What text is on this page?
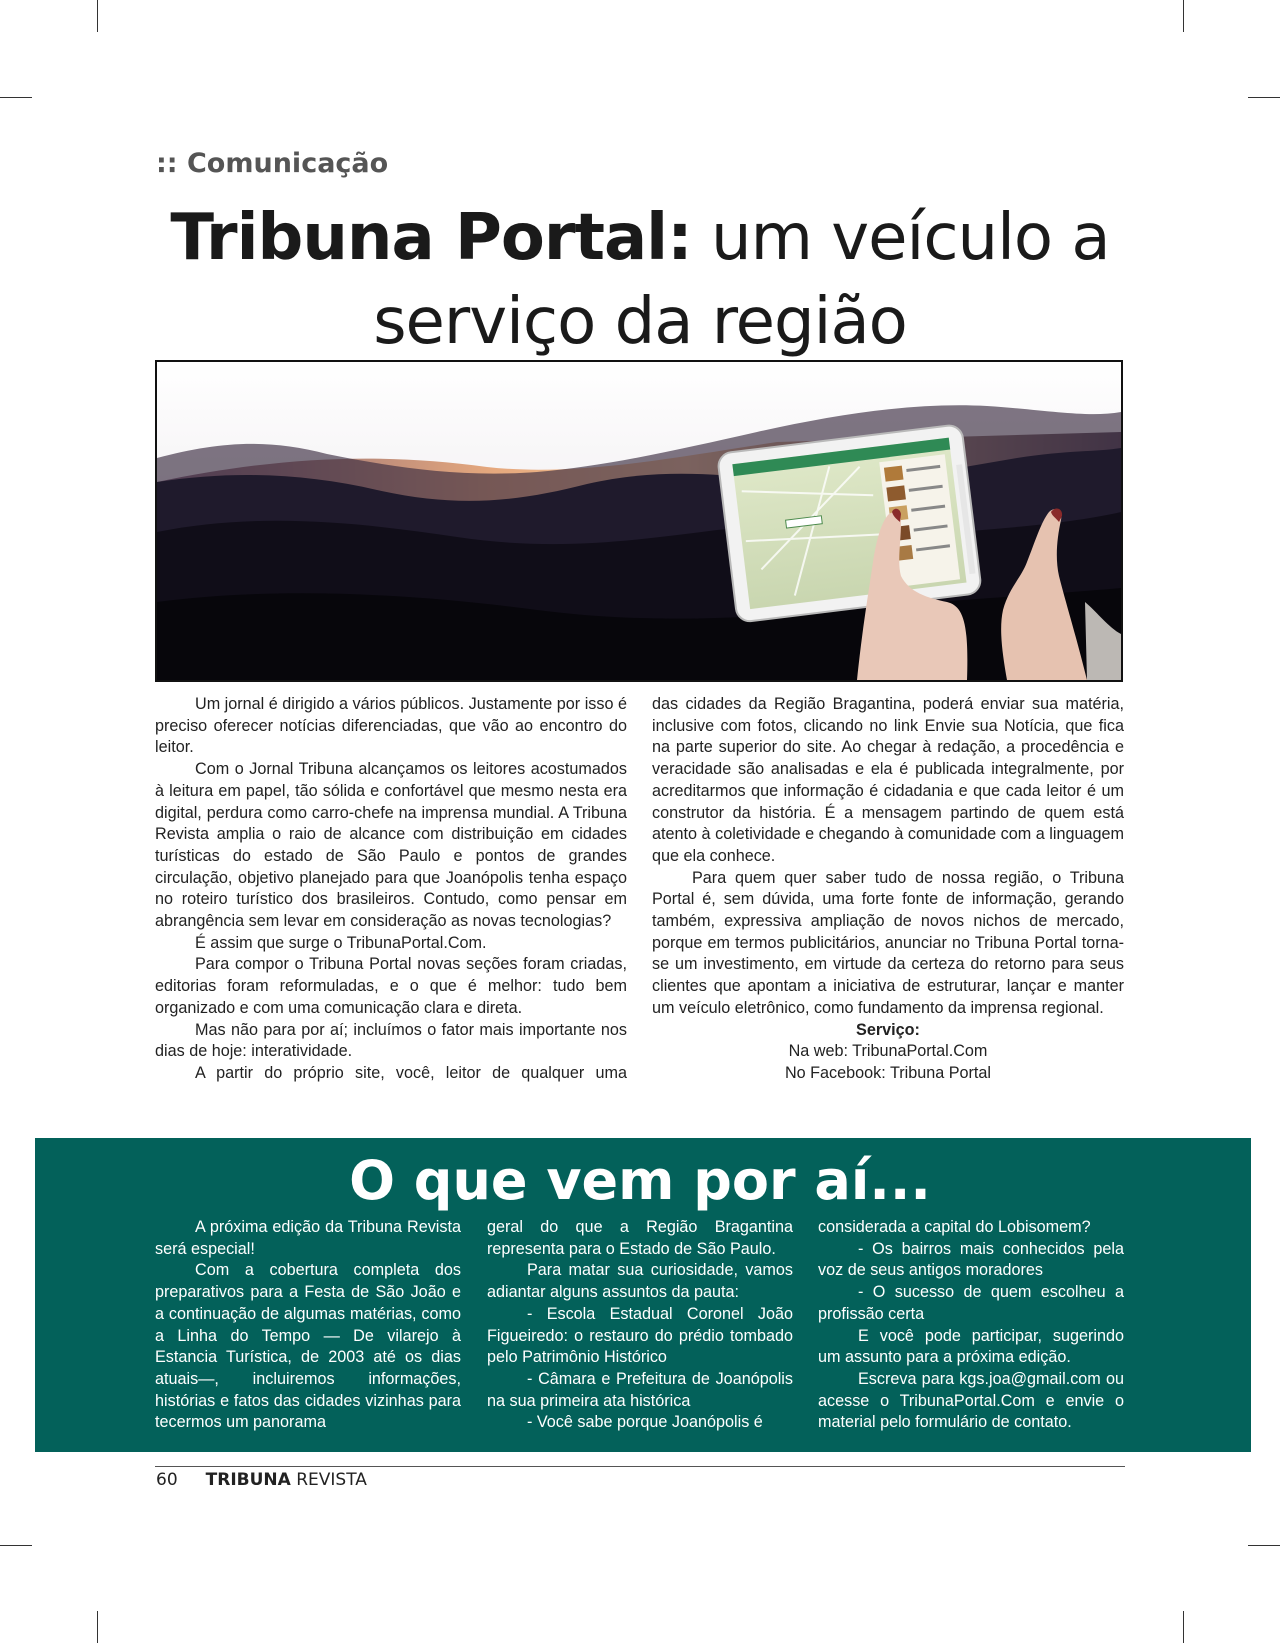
:: Comunicação
Tribuna Portal: um veículo a
serviço da região

Um jornal é dirigido a vários públicos. Justamente por isso é preciso oferecer notícias diferenciadas, que vão ao encontro do leitor.

Com o Jornal Tribuna alcançamos os leitores acostumados à leitura em papel, tão sólida e confortável que mesmo nesta era digital, perdura como carro-chefe na imprensa mundial. A Tribuna Revista amplia o raio de alcance com distribuição em cidades turísticas do estado de São Paulo e pontos de grandes circulação, objetivo planejado para que Joanópolis tenha espaço no roteiro turístico dos brasileiros. Contudo, como pensar em abrangência sem levar em consideração as novas tecnologias?

É assim que surge o TribunaPortal.Com.

Para compor o Tribuna Portal novas seções foram criadas, editorias foram reformuladas, e o que é melhor: tudo bem organizado e com uma comunicação clara e direta.

Mas não para por aí; incluímos o fator mais importante nos dias de hoje: interatividade.

A partir do próprio site, você, leitor de qualquer uma

das cidades da Região Bragantina, poderá enviar sua matéria, inclusive com fotos, clicando no link Envie sua Notícia, que fica na parte superior do site. Ao chegar à redação, a procedência e veracidade são analisadas e ela é publicada integralmente, por acreditarmos que informação é cidadania e que cada leitor é um construtor da história. É a mensagem partindo de quem está atento à coletividade e chegando à comunidade com a linguagem que ela conhece.

Para quem quer saber tudo de nossa região, o Tribuna Portal é, sem dúvida, uma forte fonte de informação, gerando também, expressiva ampliação de novos nichos de mercado, porque em termos publicitários, anunciar no Tribuna Portal torna-se um investimento, em virtude da certeza do retorno para seus clientes que apontam a iniciativa de estruturar, lançar e manter um veículo eletrônico, como fundamento da imprensa regional.

Serviço:
Na web: TribunaPortal.Com
No Facebook: Tribuna Portal
O que vem por aí...

A próxima edição da Tribuna Revista será especial!

Com a cobertura completa dos preparativos para a Festa de São João e a continuação de algumas matérias, como a Linha do Tempo — De vilarejo à Estancia Turística, de 2003 até os dias atuais—, incluiremos informações, histórias e fatos das cidades vizinhas para tecermos um panorama

geral do que a Região Bragantina representa para o Estado de São Paulo.

Para matar sua curiosidade, vamos adiantar alguns assuntos da pauta:

- Escola Estadual Coronel João Figueiredo: o restauro do prédio tombado pelo Patrimônio Histórico

- Câmara e Prefeitura de Joanópolis na sua primeira ata histórica

- Você sabe porque Joanópolis é

considerada a capital do Lobisomem?

- Os bairros mais conhecidos pela voz de seus antigos moradores

- O sucesso de quem escolheu a profissão certa

E você pode participar, sugerindo um assunto para a próxima edição.

Escreva para kgs.joa@gmail.com ou acesse o TribunaPortal.Com e envie o material pelo formulário de contato.

60 TRIBUNA REVISTA
